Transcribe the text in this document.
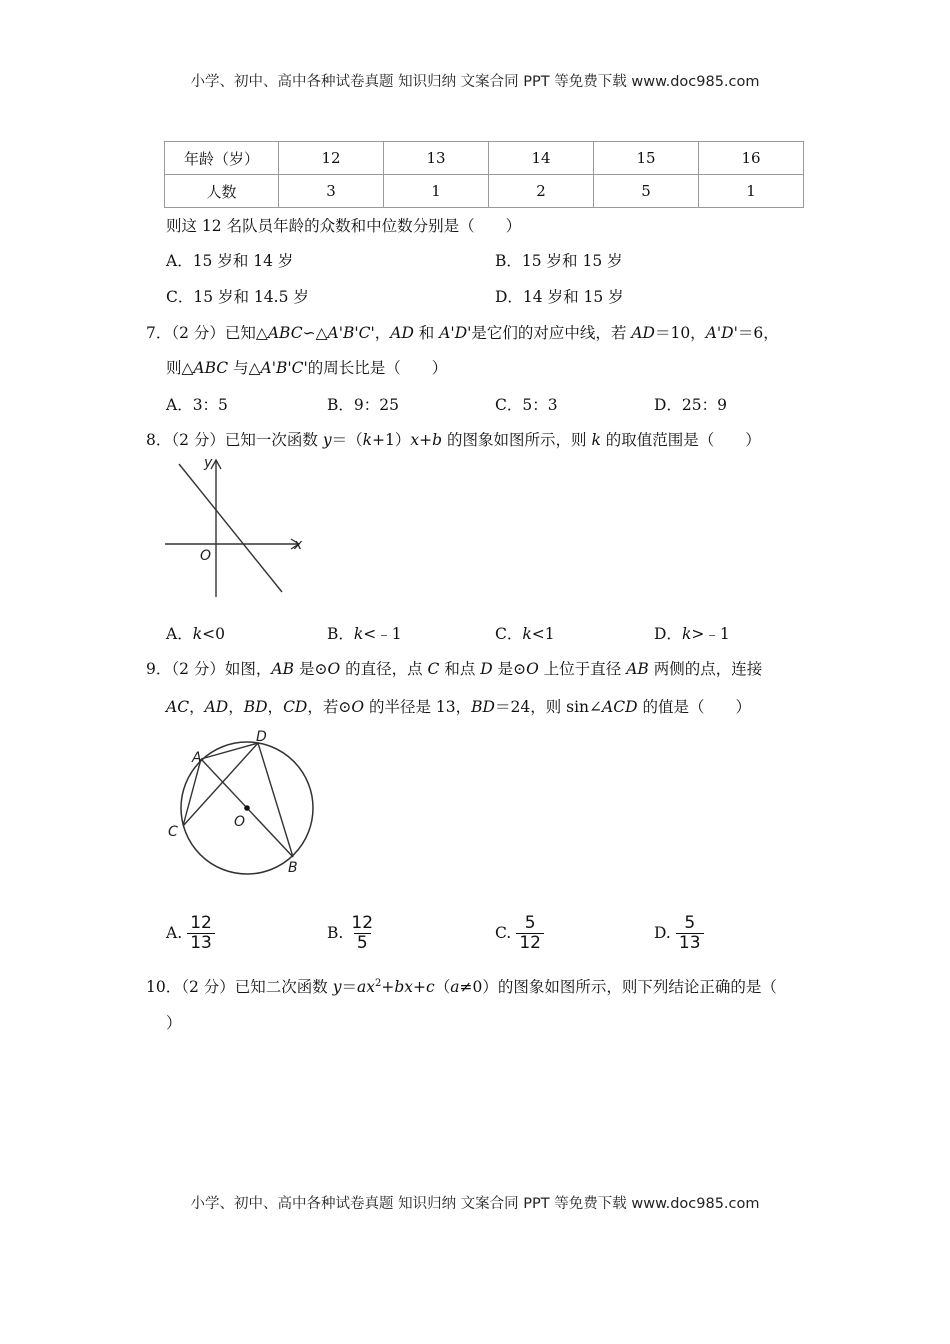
小学、初中、高中各种试卷真题 知识归纳 文案合同 PPT 等免费下载 www.doc985.com
年龄（岁）	12	13	14	15	16
人数	3	1	2	5	1
则这 12 名队员年龄的众数和中位数分别是（　　）
A．15 岁和 14 岁	B．15 岁和 15 岁
C．15 岁和 14.5 岁	D．14 岁和 15 岁
7．（2 分）已知△ABC∽△A'B'C'，AD 和 A'D'是它们的对应中线，若 AD＝10，A'D'＝6，
则△ABC 与△A'B'C'的周长比是（　　）
A．3：5	B．9：25	C．5：3	D．25：9
8．（2 分）已知一次函数 y＝（k+1）x+b 的图象如图所示，则 k 的取值范围是（　　）
y
x
O
A．k<0	B．k<﹣1	C．k<1	D．k>﹣1
9．（2 分）如图，AB 是⊙O 的直径，点 C 和点 D 是⊙O 上位于直径 AB 两侧的点，连接
AC，AD，BD，CD，若⊙O 的半径是 13，BD＝24，则 sin∠ACD 的值是（　　）
A
D
C
O
B
A. $\frac{12}{13}$	B. $\frac{12}{5}$	C. $\frac{5}{12}$	D. $\frac{5}{13}$
10．（2 分）已知二次函数 $y=ax^2+bx+c(a\ne 0)$的图象如图所示，则下列结论正确的是（
）
小学、初中、高中各种试卷真题 知识归纳 文案合同 PPT 等免费下载 www.doc985.com
